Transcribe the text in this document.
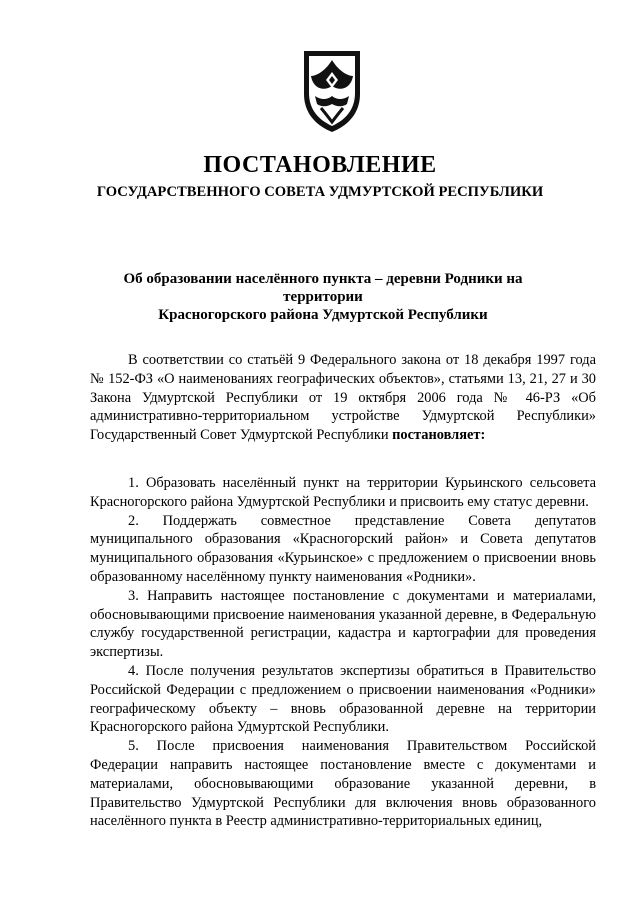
ПОСТАНОВЛЕНИЕ
ГОСУДАРСТВЕННОГО СОВЕТА УДМУРТСКОЙ РЕСПУБЛИКИ
Об образовании населённого пункта – деревни Родники на территории
Красногорского района Удмуртской Республики

В соответствии со статьёй 9 Федерального закона от 18 декабря 1997 года № 152-ФЗ «О наименованиях географических объектов», статьями 13, 21, 27 и 30 Закона Удмуртской Республики от 19 октября 2006 года № 46-РЗ «Об административно-территориальном устройстве Удмуртской Республики» Государственный Совет Удмуртской Республики постановляет:

1. Образовать населённый пункт на территории Курьинского сельсовета Красногорского района Удмуртской Республики и присвоить ему статус деревни.

2. Поддержать совместное представление Совета депутатов муниципального образования «Красногорский район» и Совета депутатов муниципального образования «Курьинское» с предложением о присвоении вновь образованному населённому пункту наименования «Родники».

3. Направить настоящее постановление с документами и материалами, обосновывающими присвоение наименования указанной деревне, в Федеральную службу государственной регистрации, кадастра и картографии для проведения экспертизы.

4. После получения результатов экспертизы обратиться в Правительство Российской Федерации с предложением о присвоении наименования «Родники» географическому объекту – вновь образованной деревне на территории Красногорского района Удмуртской Республики.

5. После присвоения наименования Правительством Российской Федерации направить настоящее постановление вместе с документами и материалами, обосновывающими образование указанной деревни, в Правительство Удмуртской Республики для включения вновь образованного населённого пункта в Реестр административно-территориальных единиц,
